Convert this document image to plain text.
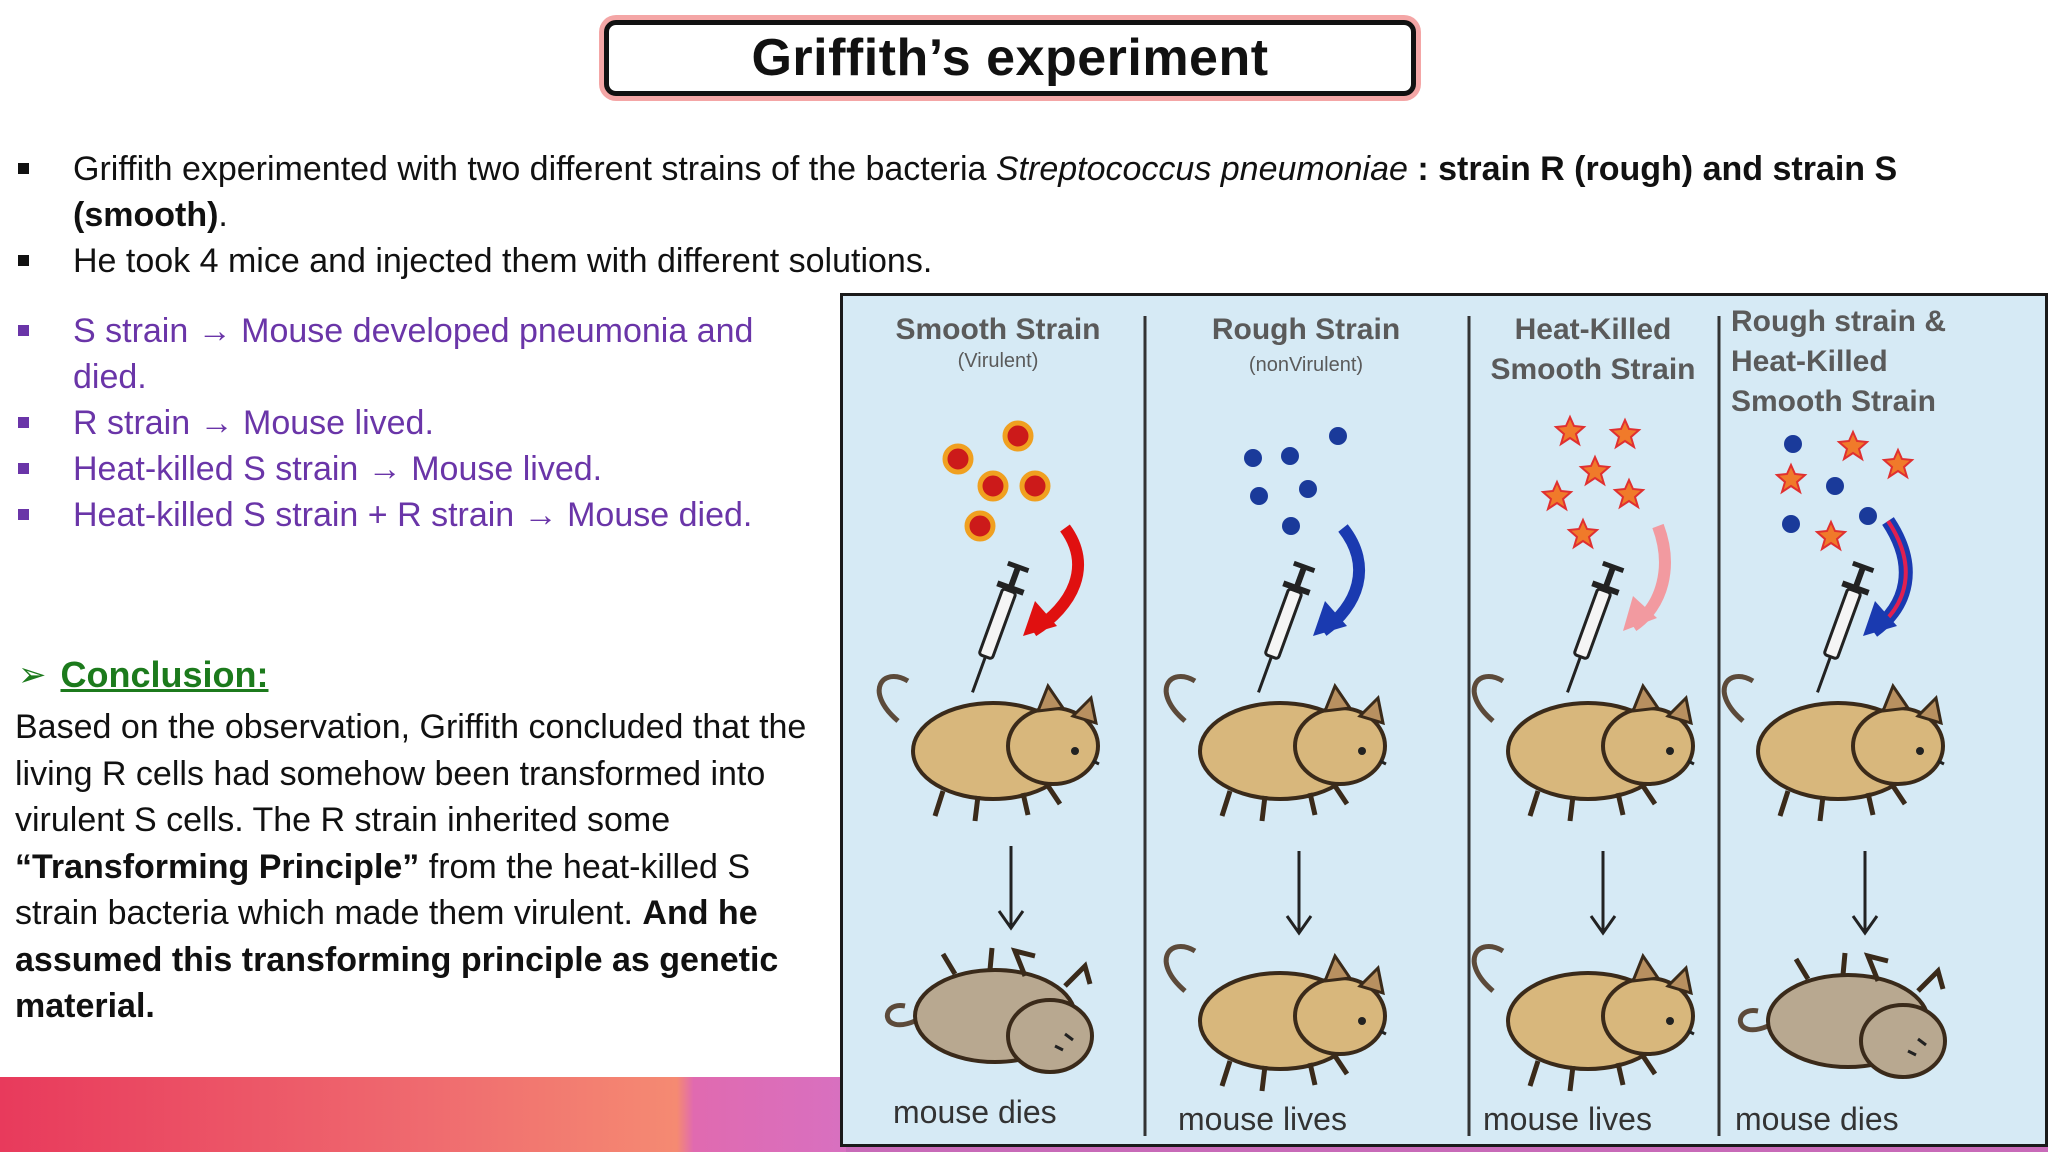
Griffith’s experiment
Griffith experimented with two different strains of the bacteria Streptococcus pneumoniae : strain R (rough) and strain S (smooth).
He took 4 mice and injected them with different solutions.
S strain → Mouse developed pneumonia and died.
R strain → Mouse lived.
Heat-killed S strain → Mouse lived.
Heat-killed S strain + R strain → Mouse died.
➢ Conclusion:
Based on the observation, Griffith concluded that the living R cells had somehow been transformed into virulent S cells. The R strain inherited some “Transforming Principle” from the heat-killed S strain bacteria which made them virulent. And he assumed this transforming principle as genetic material.
Smooth Strain
(Virulent)
Rough Strain
(nonVirulent)
Heat-Killed Smooth Strain
Rough strain & Heat-Killed Smooth Strain
mouse dies	mouse lives	mouse lives	mouse dies
